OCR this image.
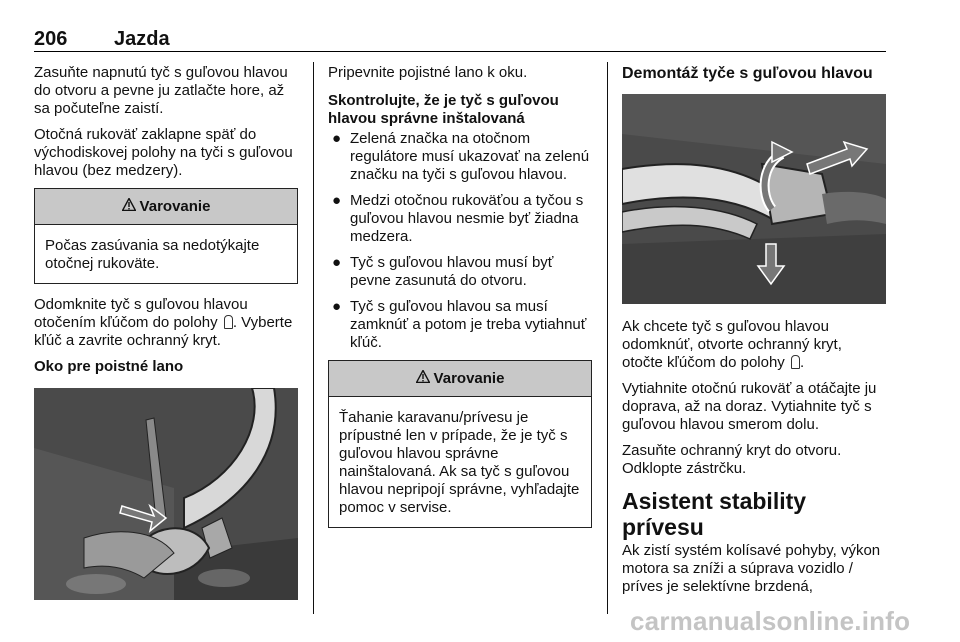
206 Jazda

Zasuňte napnutú tyč s guľovou hlavou do otvoru a pevne ju zatlačte hore, až sa počuteľne zaistí.

Otočná rukoväť zaklapne späť do východiskovej polohy na tyči s guľovou hlavou (bez medzery).

Varovanie
Počas zasúvania sa nedotýkajte otočnej rukoväte.

Odomknite tyč s guľovou hlavou otočením kľúčom do polohy . Vyberte kľúč a zavrite ochranný kryt.

Oko pre poistné lano

Pripevnite pojistné lano k oku.

Skontrolujte, že je tyč s guľovou hlavou správne inštalovaná

● Zelená značka na otočnom regulátore musí ukazovať na zelenú značku na tyči s guľovou hlavou.
● Medzi otočnou rukoväťou a tyčou s guľovou hlavou nesmie byť žiadna medzera.
● Tyč s guľovou hlavou musí byť pevne zasunutá do otvoru.
● Tyč s guľovou hlavou sa musí zamknúť a potom je treba vytiahnuť kľúč.
Varovanie
Ťahanie karavanu/prívesu je prípustné len v prípade, že je tyč s guľovou hlavou správne nainštalovaná. Ak sa tyč s guľovou hlavou nepripojí správne, vyhľadajte pomoc v servise.
Demontáž tyče s guľovou hlavou

Ak chcete tyč s guľovou hlavou odomknúť, otvorte ochranný kryt, otočte kľúčom do polohy .

Vytiahnite otočnú rukoväť a otáčajte ju doprava, až na doraz. Vytiahnite tyč s guľovou hlavou smerom dolu.

Zasuňte ochranný kryt do otvoru. Odklopte zástrčku.

Asistent stability prívesu

Ak zistí systém kolísavé pohyby, výkon motora sa zníži a súprava vozidlo / príves je selektívne brzdená,

carmanualsonline.info
